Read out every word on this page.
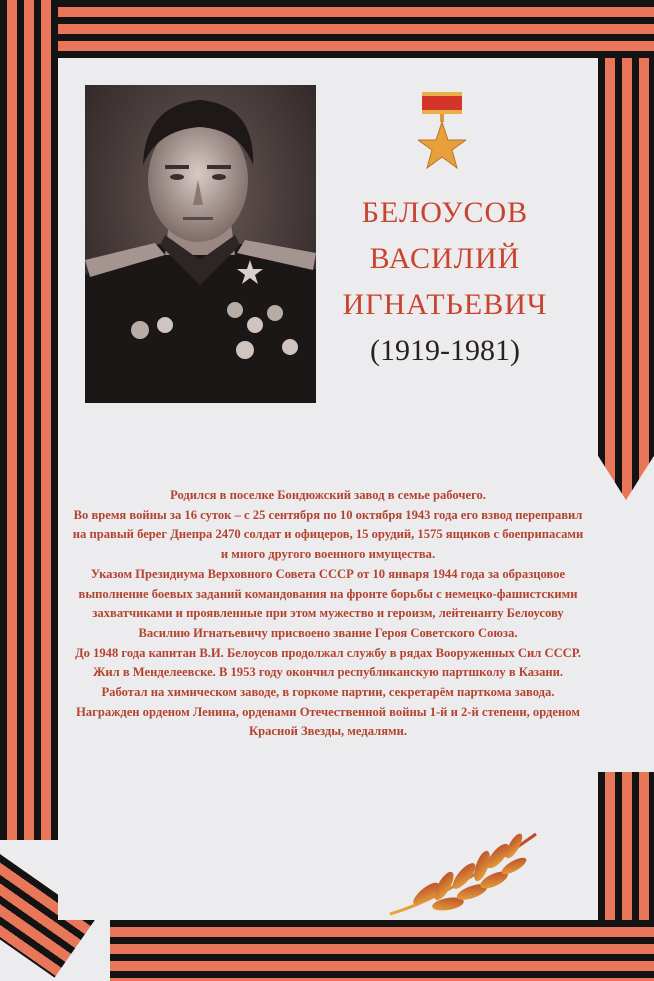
БЕЛОУСОВ
ВАСИЛИЙ
ИГНАТЬЕВИЧ
(1919-1981)

Родился в поселке Бондюжский завод в семье рабочего.

Во время войны за 16 суток – с 25 сентября по 10 октября 1943 года его взвод переправил на правый берег Днепра 2470 солдат и офицеров, 15 орудий, 1575 ящиков с боеприпасами и много другого военного имущества.

Указом Президиума Верховного Совета СССР от 10 января 1944 года за образцовое выполнение боевых заданий командования на фронте борьбы с немецко-фашистскими захватчиками и проявленные при этом мужество и героизм, лейтенанту Белоусову Василию Игнатьевичу присвоено звание Героя Советского Союза.

До 1948 года капитан В.И. Белоусов продолжал службу в рядах Вооруженных Сил СССР. Жил в Менделеевске. В 1953 году окончил республиканскую партшколу в Казани. Работал на химическом заводе, в горкоме партии, секретарём парткома завода. Награжден орденом Ленина, орденами Отечественной войны 1-й и 2-й степени, орденом Красной Звезды, медалями.
